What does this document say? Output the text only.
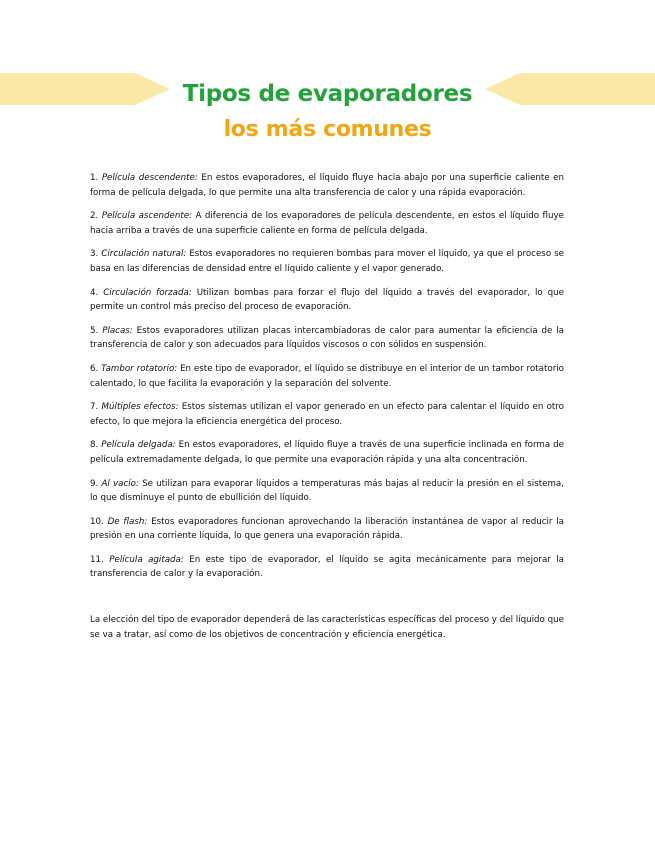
Tipos de evaporadores
los más comunes

1. Película descendente: En estos evaporadores, el líquido fluye hacia abajo por una superficie caliente en forma de película delgada, lo que permite una alta transferencia de calor y una rápida evaporación.

2. Película ascendente: A diferencia de los evaporadores de película descendente, en estos el líquido fluye hacia arriba a través de una superficie caliente en forma de película delgada.

3. Circulación natural: Estos evaporadores no requieren bombas para mover el líquido, ya que el proceso se basa en las diferencias de densidad entre el líquido caliente y el vapor generado.

4. Circulación forzada: Utilizan bombas para forzar el flujo del líquido a través del evaporador, lo que permite un control más preciso del proceso de evaporación.

5. Placas: Estos evaporadores utilizan placas intercambiadoras de calor para aumentar la eficiencia de la transferencia de calor y son adecuados para líquidos viscosos o con sólidos en suspensión.

6. Tambor rotatorio: En este tipo de evaporador, el líquido se distribuye en el interior de un tambor rotatorio calentado, lo que facilita la evaporación y la separación del solvente.

7. Múltiples efectos: Estos sistemas utilizan el vapor generado en un efecto para calentar el líquido en otro efecto, lo que mejora la eficiencia energética del proceso.

8. Película delgada: En estos evaporadores, el líquido fluye a través de una superficie inclinada en forma de película extremadamente delgada, lo que permite una evaporación rápida y una alta concentración.

9. Al vacío: Se utilizan para evaporar líquidos a temperaturas más bajas al reducir la presión en el sistema, lo que disminuye el punto de ebullición del líquido.

10. De flash: Estos evaporadores funcionan aprovechando la liberación instantánea de vapor al reducir la presión en una corriente líquida, lo que genera una evaporación rápida.

11. Película agitada: En este tipo de evaporador, el líquido se agita mecánicamente para mejorar la transferencia de calor y la evaporación.

La elección del tipo de evaporador dependerá de las características específicas del proceso y del líquido que se va a tratar, así como de los objetivos de concentración y eficiencia energética.
